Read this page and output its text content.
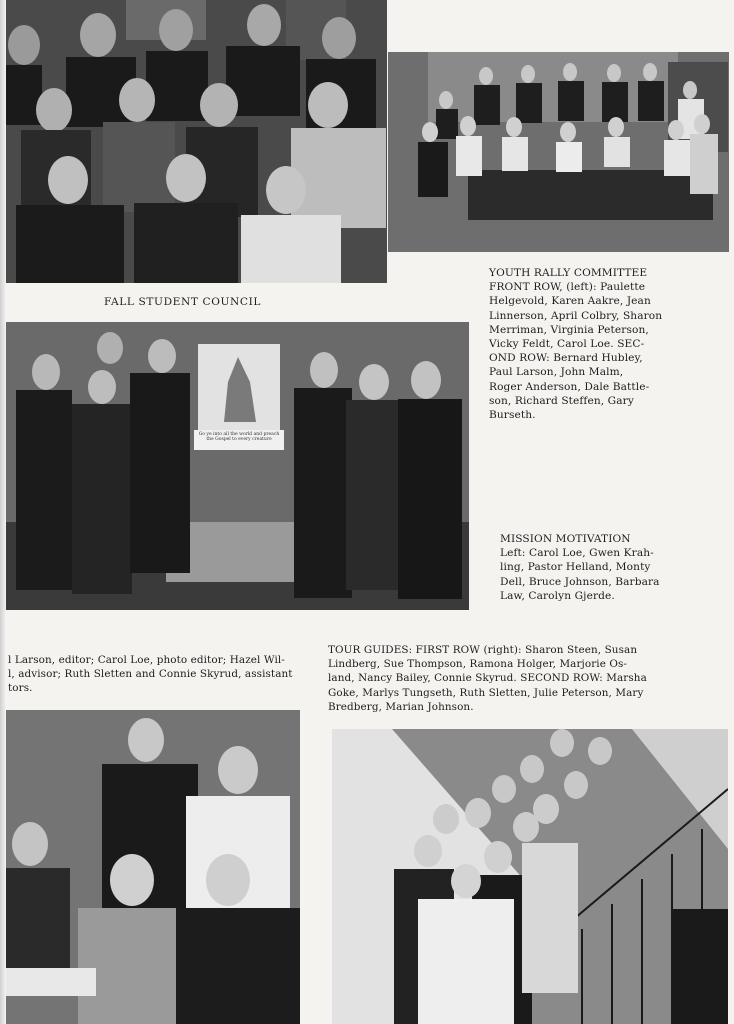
FALL STUDENT COUNCIL
YOUTH RALLY COMMITTEE
FRONT ROW, (left): Paulette
Helgevold, Karen Aakre, Jean
Linnerson, April Colbry, Sharon
Merriman, Virginia Peterson,
Vicky Feldt, Carol Loe. SEC-
OND ROW: Bernard Hubley,
Paul Larson, John Malm,
Roger Anderson, Dale Battle-
son, Richard Steffen, Gary
Burseth.
Go ye into all the world and preach the Gospel to every creature
MISSION MOTIVATION
Left: Carol Loe, Gwen Krah-
ling, Pastor Helland, Monty
Dell, Bruce Johnson, Barbara
Law, Carolyn Gjerde.
l Larson, editor; Carol Loe, photo editor; Hazel Wil-
l, advisor; Ruth Sletten and Connie Skyrud, assistant
tors.
TOUR GUIDES: FIRST ROW (right): Sharon Steen, Susan
Lindberg, Sue Thompson, Ramona Holger, Marjorie Os-
land, Nancy Bailey, Connie Skyrud. SECOND ROW: Marsha
Goke, Marlys Tungseth, Ruth Sletten, Julie Peterson, Mary
Bredberg, Marian Johnson.
